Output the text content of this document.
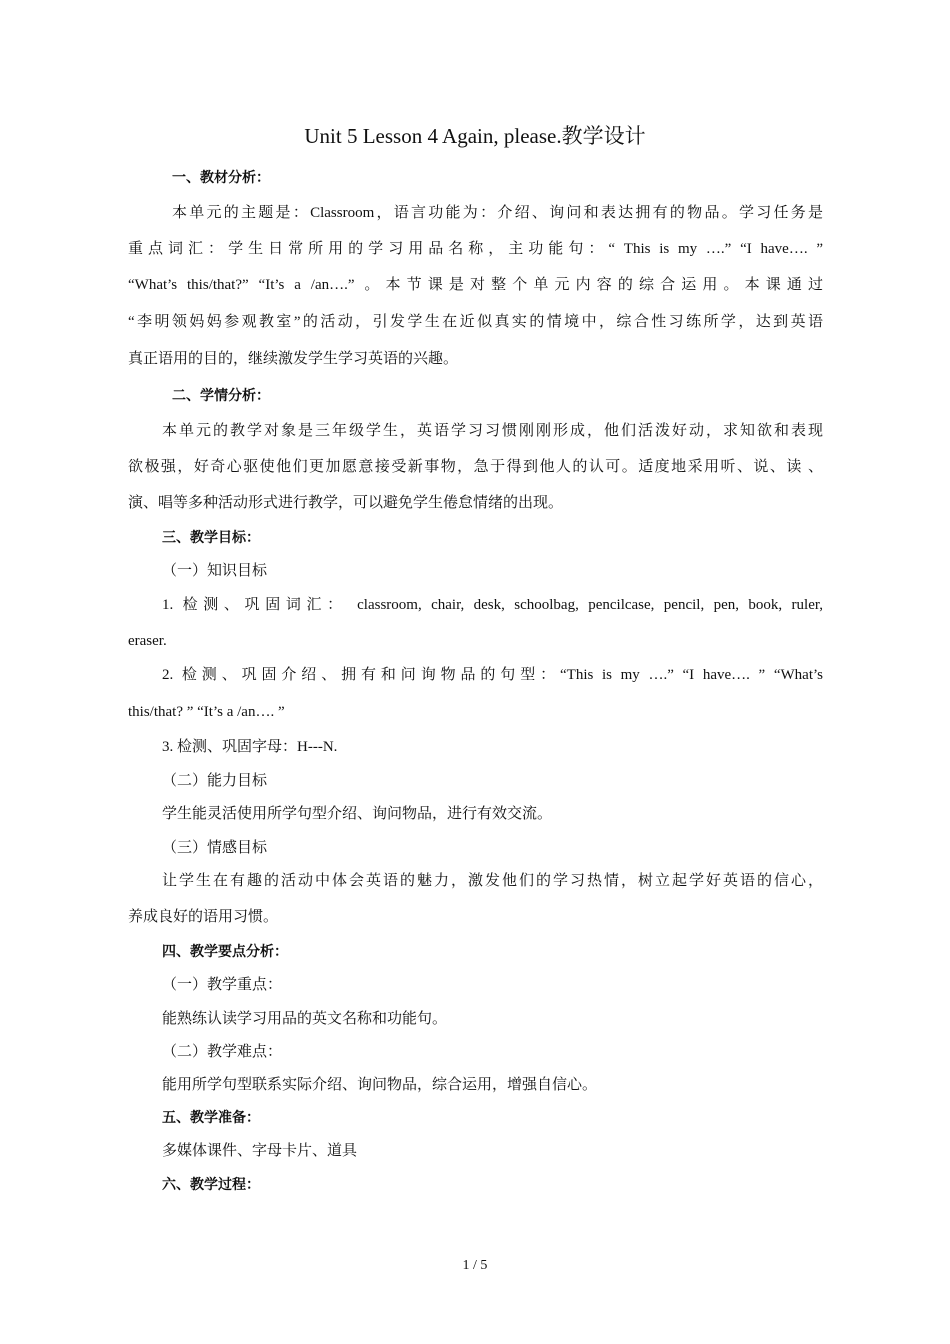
Unit 5 Lesson 4 Again, please.教学设计
一、教材分析：
本单元的主题是：Classroom，语言功能为：介绍、询问和表达拥有的物品。学习任务是
重点词汇：学生日常所用的学习用品名称，主功能句：“ This is my ….” “I have…. ”
“What’s this/that?” “It’s a /an….” 。本节课是对整个单元内容的综合运用。本课通过
“李明领妈妈参观教室”的活动，引发学生在近似真实的情境中，综合性习练所学，达到英语
真正语用的目的，继续激发学生学习英语的兴趣。
二、学情分析：
本单元的教学对象是三年级学生，英语学习习惯刚刚形成，他们活泼好动，求知欲和表现
欲极强，好奇心驱使他们更加愿意接受新事物，急于得到他人的认可。适度地采用听、说、读 、
演、唱等多种活动形式进行教学，可以避免学生倦怠情绪的出现。
三、教学目标：
（一）知识目标
1. 检测、巩固词汇： classroom, chair, desk, schoolbag, pencilcase, pencil, pen, book, ruler,
eraser.
2. 检测、巩固介绍、拥有和问询物品的句型：“This is my ….” “I have…. ” “What’s
this/that? ” “It’s a /an…. ”
3. 检测、巩固字母：H---N.
（二）能力目标
学生能灵活使用所学句型介绍、询问物品，进行有效交流。
（三）情感目标
让学生在有趣的活动中体会英语的魅力，激发他们的学习热情，树立起学好英语的信心，
养成良好的语用习惯。
四、教学要点分析：
（一）教学重点：
能熟练认读学习用品的英文名称和功能句。
（二）教学难点：
能用所学句型联系实际介绍、询问物品，综合运用，增强自信心。
五、教学准备：
多媒体课件、字母卡片、道具
六、教学过程：
1 / 5
